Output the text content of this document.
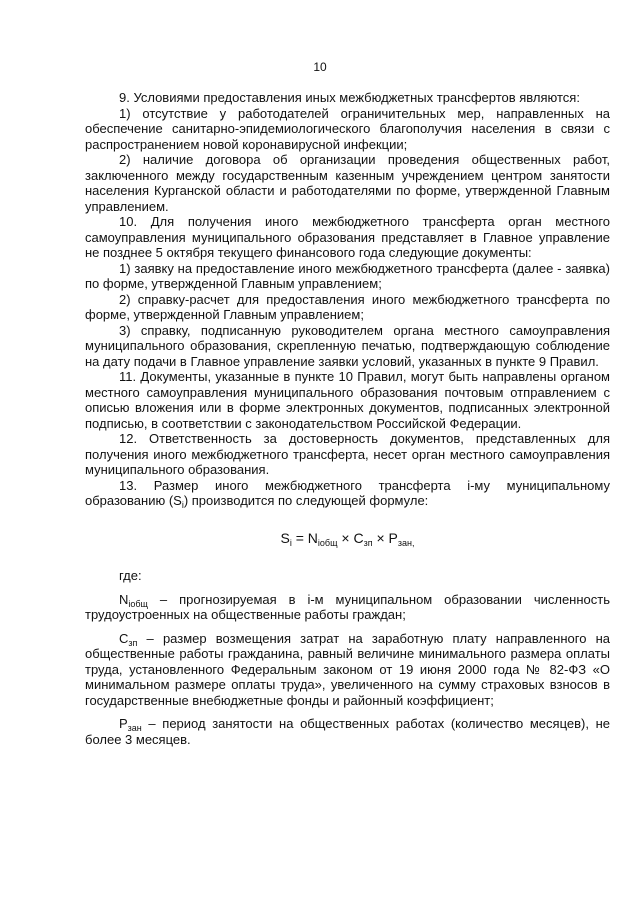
10

9. Условиями предоставления иных межбюджетных трансфертов являются:

1) отсутствие у работодателей ограничительных мер, направленных на обеспечение санитарно-эпидемиологического благополучия населения в связи с распространением новой коронавирусной инфекции;

2) наличие договора об организации проведения общественных работ, заключенного между государственным казенным учреждением центром занятости населения Курганской области и работодателями по форме, утвержденной Главным управлением.

10. Для получения иного межбюджетного трансферта орган местного самоуправления муниципального образования представляет в Главное управление не позднее 5 октября текущего финансового года следующие документы:

1) заявку на предоставление иного межбюджетного трансферта (далее - заявка) по форме, утвержденной Главным управлением;

2) справку-расчет для предоставления иного межбюджетного трансферта по форме, утвержденной Главным управлением;

3) справку, подписанную руководителем органа местного самоуправления муниципального образования, скрепленную печатью, подтверждающую соблюдение на дату подачи в Главное управление заявки условий, указанных в пункте 9 Правил.

11. Документы, указанные в пункте 10 Правил, могут быть направлены органом местного самоуправления муниципального образования почтовым отправлением с описью вложения или в форме электронных документов, подписанных электронной подписью, в соответствии с законодательством Российской Федерации.

12. Ответственность за достоверность документов, представленных для получения иного межбюджетного трансферта, несет орган местного самоуправления муниципального образования.

13. Размер иного межбюджетного трансферта i-му муниципальному образованию $(S_i)$ производится по следующей формуле:

$S_i = N_{iобщ} \times C_{зп} \times P_{зан,}$

где:

$N_{iобщ}$ – прогнозируемая в i-м муниципальном образовании численность трудоустроенных на общественные работы граждан;

$C_{зп}$ – размер возмещения затрат на заработную плату направленного на общественные работы гражданина, равный величине минимального размера оплаты труда, установленного Федеральным законом от 19 июня 2000 года № 82-ФЗ «О минимальном размере оплаты труда», увеличенного на сумму страховых взносов в государственные внебюджетные фонды и районный коэффициент;

$P_{зан}$ – период занятости на общественных работах (количество месяцев), не более 3 месяцев.
